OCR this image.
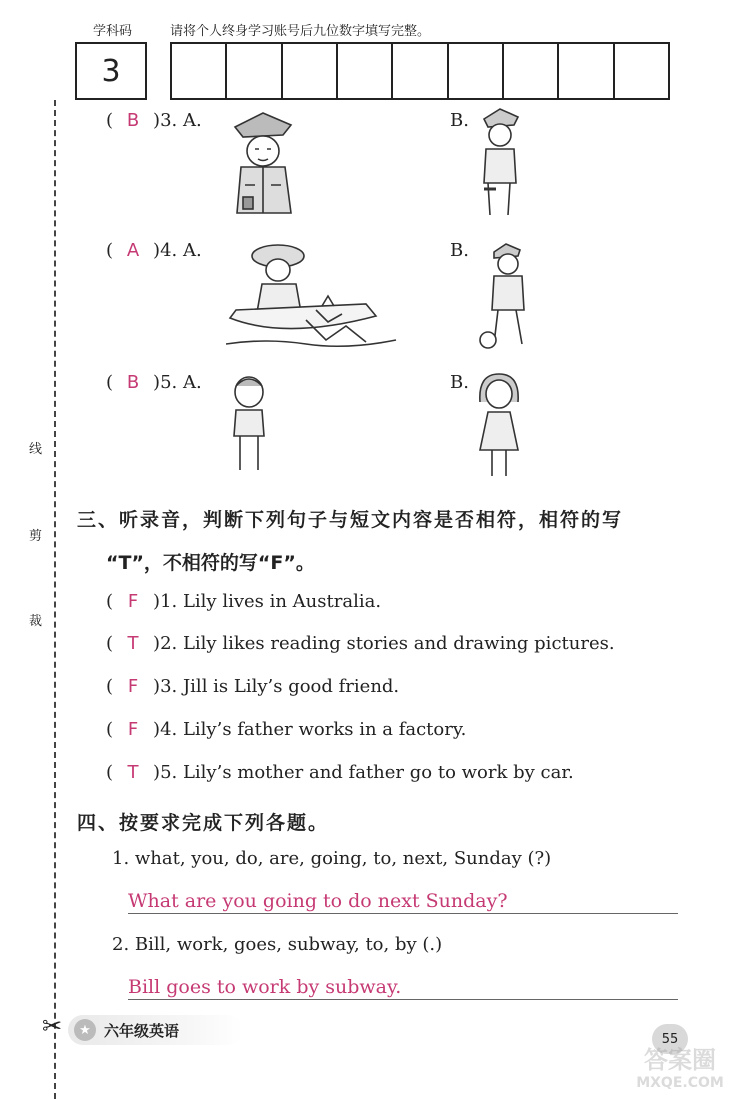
学科码	请将个人终身学习账号后九位数字填写完整。
3
线
剪
裁
✂
( B )3. A.	B.
( A )4. A.	B.
( B )5. A.	B.
三、听录音，判断下列句子与短文内容是否相符，相符的写
“T”，不相符的写“F”。
( F )1. Lily lives in Australia.
( T )2. Lily likes reading stories and drawing pictures.
( F )3. Jill is Lily’s good friend.
( F )4. Lily’s father works in a factory.
( T )5. Lily’s mother and father go to work by car.
四、按要求完成下列各题。
1. what, you, do, are, going, to, next, Sunday (?)
What are you going to do next Sunday?
2. Bill, work, goes, subway, to, by (.)
Bill goes to work by subway.
★ 六年级英语	55
答案圈
MXQE.COM
